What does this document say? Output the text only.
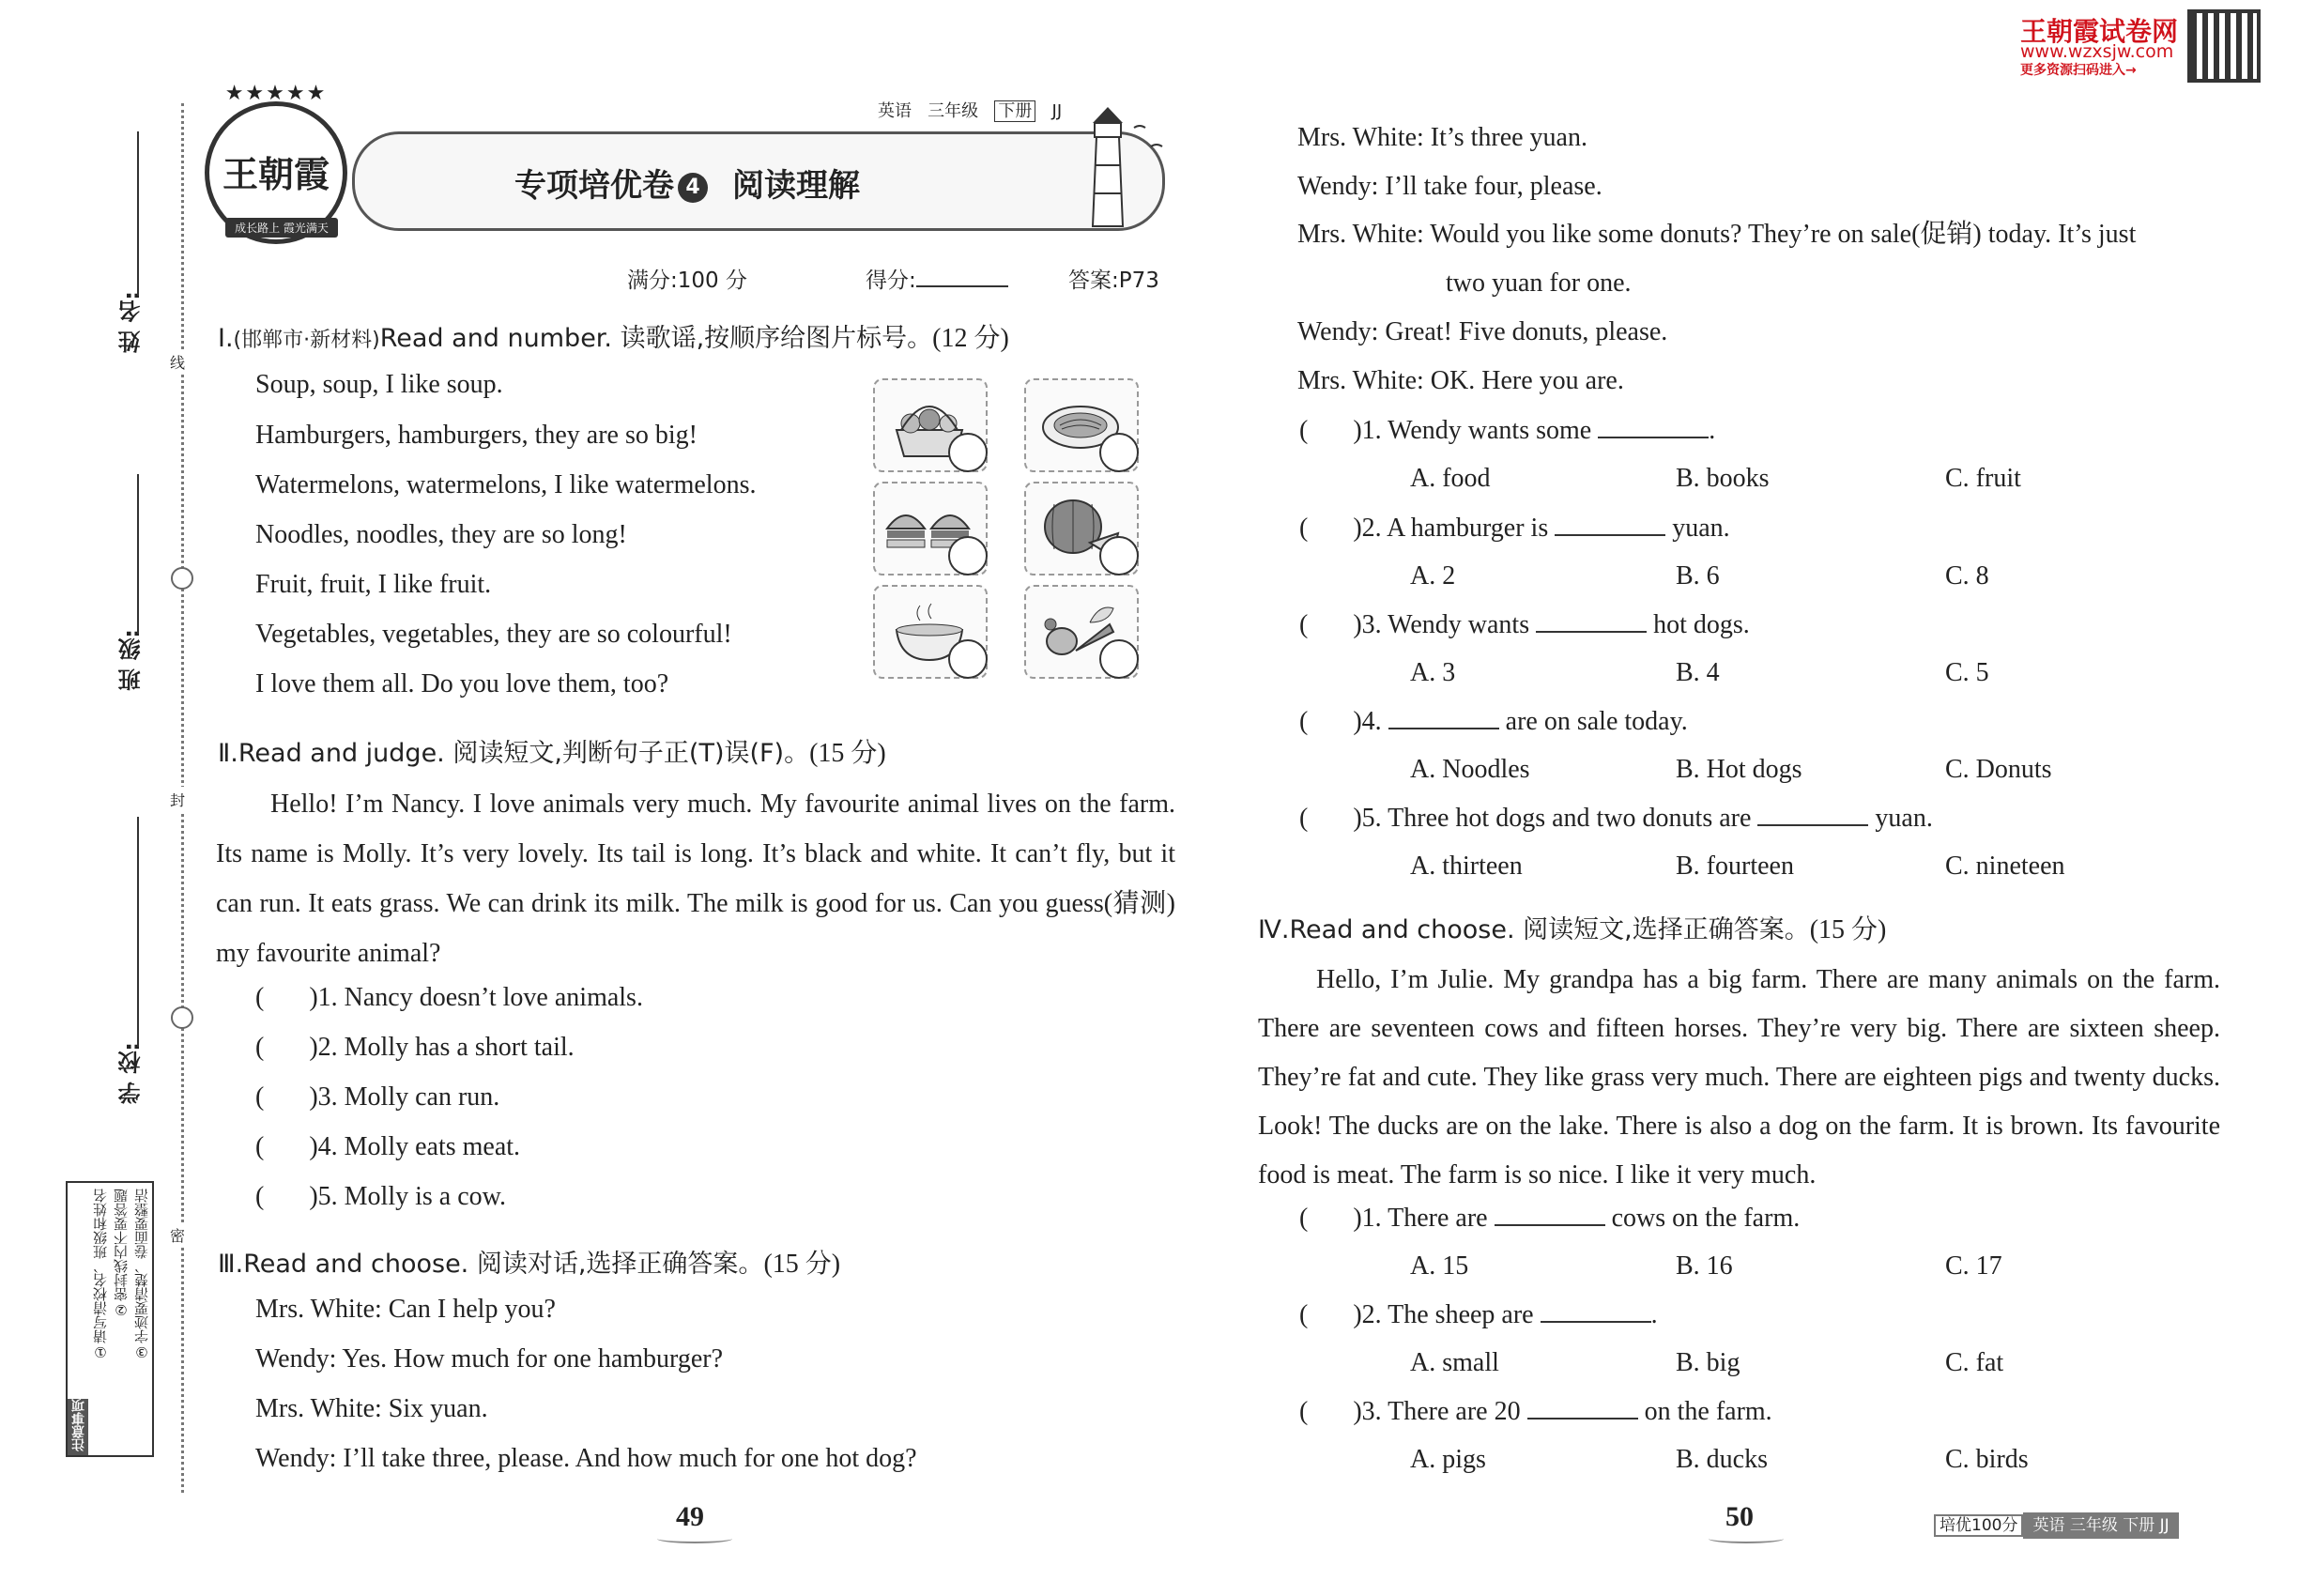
线
封
密
姓 名:
班 级:
学 校:
注意事项
①请写清校名、班级和姓名 ②密封线内不要答题 ③字迹要清楚、卷面要整洁
★★★★★
王朝霞
成长路上 霞光满天
英语 三年级 下册 JJ
专项培优卷 4 阅读理解
满分:100 分	得分:	答案:P73
Ⅰ.(邯郸市·新材料)Read and number. 读歌谣,按顺序给图片标号。(12 分)
Soup, soup, I like soup.
Hamburgers, hamburgers, they are so big!
Watermelons, watermelons, I like watermelons.
Noodles, noodles, they are so long!
Fruit, fruit, I like fruit.
Vegetables, vegetables, they are so colourful!
I love them all. Do you love them, too?
Ⅱ.Read and judge. 阅读短文,判断句子正(T)误(F)。(15 分)
Hello! I’m Nancy. I love animals very much. My favourite animal lives on the farm. Its name is Molly. It’s very lovely. Its tail is long. It’s black and white. It can’t fly, but it can run. It eats grass. We can drink its milk. The milk is good for us. Can you guess(猜测) my favourite animal?
( )1. Nancy doesn’t love animals.
( )2. Molly has a short tail.
( )3. Molly can run.
( )4. Molly eats meat.
( )5. Molly is a cow.
Ⅲ.Read and choose. 阅读对话,选择正确答案。(15 分)
Mrs. White: Can I help you?
Wendy: Yes. How much for one hamburger?
Mrs. White: Six yuan.
Wendy: I’ll take three, please. And how much for one hot dog?
49
王朝霞试卷网
www.wzxsjw.com
更多资源扫码进入→
Mrs. White: It’s three yuan.
Wendy: I’ll take four, please.
Mrs. White: Would you like some donuts? They’re on sale(促销) today. It’s just
two yuan for one.
Wendy: Great! Five donuts, please.
Mrs. White: OK. Here you are.
( )1. Wendy wants some	.
A. food	B. books	C. fruit
( )2. A hamburger is	yuan.
A. 2	B. 6	C. 8
( )3. Wendy wants	hot dogs.
A. 3	B. 4	C. 5
( )4.	are on sale today.
A. Noodles	B. Hot dogs	C. Donuts
( )5. Three hot dogs and two donuts are	yuan.
A. thirteen	B. fourteen	C. nineteen
Ⅳ.Read and choose. 阅读短文,选择正确答案。(15 分)
Hello, I’m Julie. My grandpa has a big farm. There are many animals on the farm. There are seventeen cows and fifteen horses. They’re very big. There are sixteen sheep. They’re fat and cute. They like grass very much. There are eighteen pigs and twenty ducks. Look! The ducks are on the lake. There is also a dog on the farm. It is brown. Its favourite food is meat. The farm is so nice. I like it very much.
( )1. There are	cows on the farm.
A. 15	B. 16	C. 17
( )2. The sheep are	.
A. small	B. big	C. fat
( )3. There are 20	on the farm.
A. pigs	B. ducks	C. birds
50	培优100分 英语 三年级 下册 JJ
